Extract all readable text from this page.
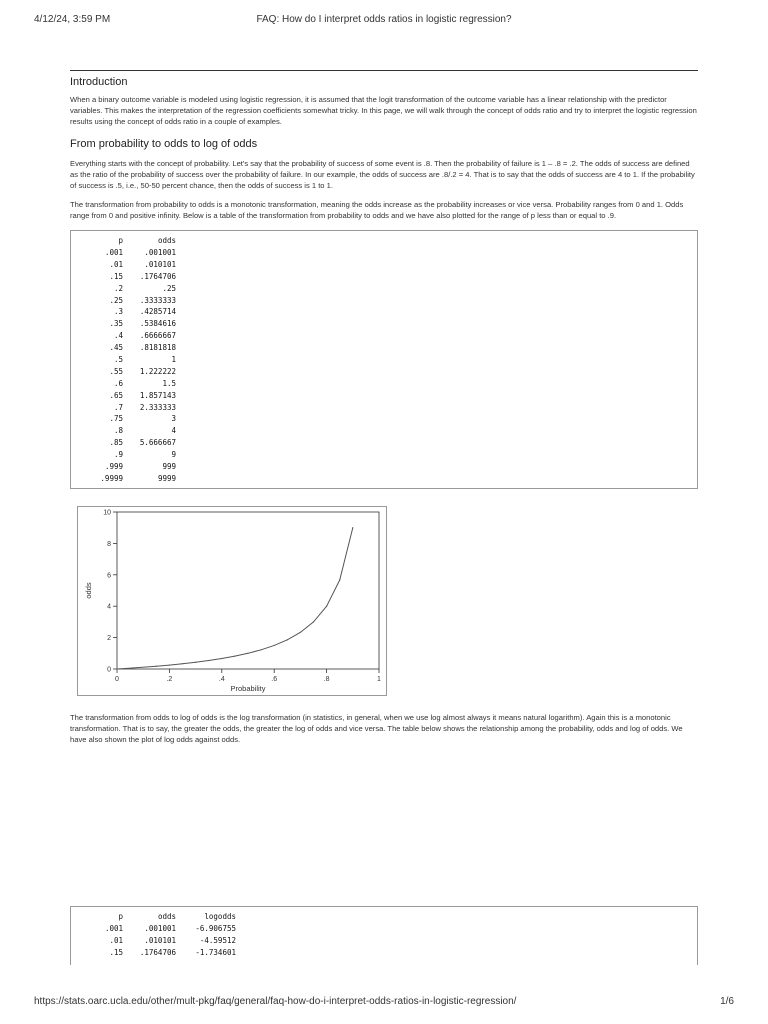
4/12/24, 3:59 PM	FAQ: How do I interpret odds ratios in logistic regression?
Introduction

When a binary outcome variable is modeled using logistic regression, it is assumed that the logit transformation of the outcome variable has a linear relationship with the predictor variables. This makes the interpretation of the regression coefficients somewhat tricky. In this page, we will walk through the concept of odds ratio and try to interpret the logistic regression results using the concept of odds ratio in a couple of examples.

From probability to odds to log of odds

Everything starts with the concept of probability. Let's say that the probability of success of some event is .8. Then the probability of failure is 1 – .8 = .2. The odds of success are defined as the ratio of the probability of success over the probability of failure. In our example, the odds of success are .8/.2 = 4. That is to say that the odds of success are 4 to 1. If the probability of success is .5, i.e., 50-50 percent chance, then the odds of success is 1 to 1.

The transformation from probability to odds is a monotonic transformation, meaning the odds increase as the probability increases or vice versa. Probability ranges from 0 and 1. Odds range from 0 and positive infinity. Below is a table of the transformation from probability to odds and we have also plotted for the range of p less than or equal to .9.

p	odds
.001	.001001
.01	.010101
.15	.1764706
.2	.25
.25	.3333333
.3	.4285714
.35	.5384616
.4	.6666667
.45	.8181818
.5	1
.55	1.222222
.6	1.5
.65	1.857143
.7	2.333333
.75	3
.8	4
.85	5.666667
.9	9
.999	999
.9999	9999
0
2
4
6
8
10
0	.2	.4	.6	.8	1
Probability
odds

The transformation from odds to log of odds is the log transformation (in statistics, in general, when we use log almost always it means natural logarithm). Again this is a monotonic transformation. That is to say, the greater the odds, the greater the log of odds and vice versa. The table below shows the relationship among the probability, odds and log of odds. We have also shown the plot of log odds against odds.

p	odds	logodds
.001	.001001	-6.906755
.01	.010101	-4.59512
.15	.1764706	-1.734601
https://stats.oarc.ucla.edu/other/mult-pkg/faq/general/faq-how-do-i-interpret-odds-ratios-in-logistic-regression/	1/6
